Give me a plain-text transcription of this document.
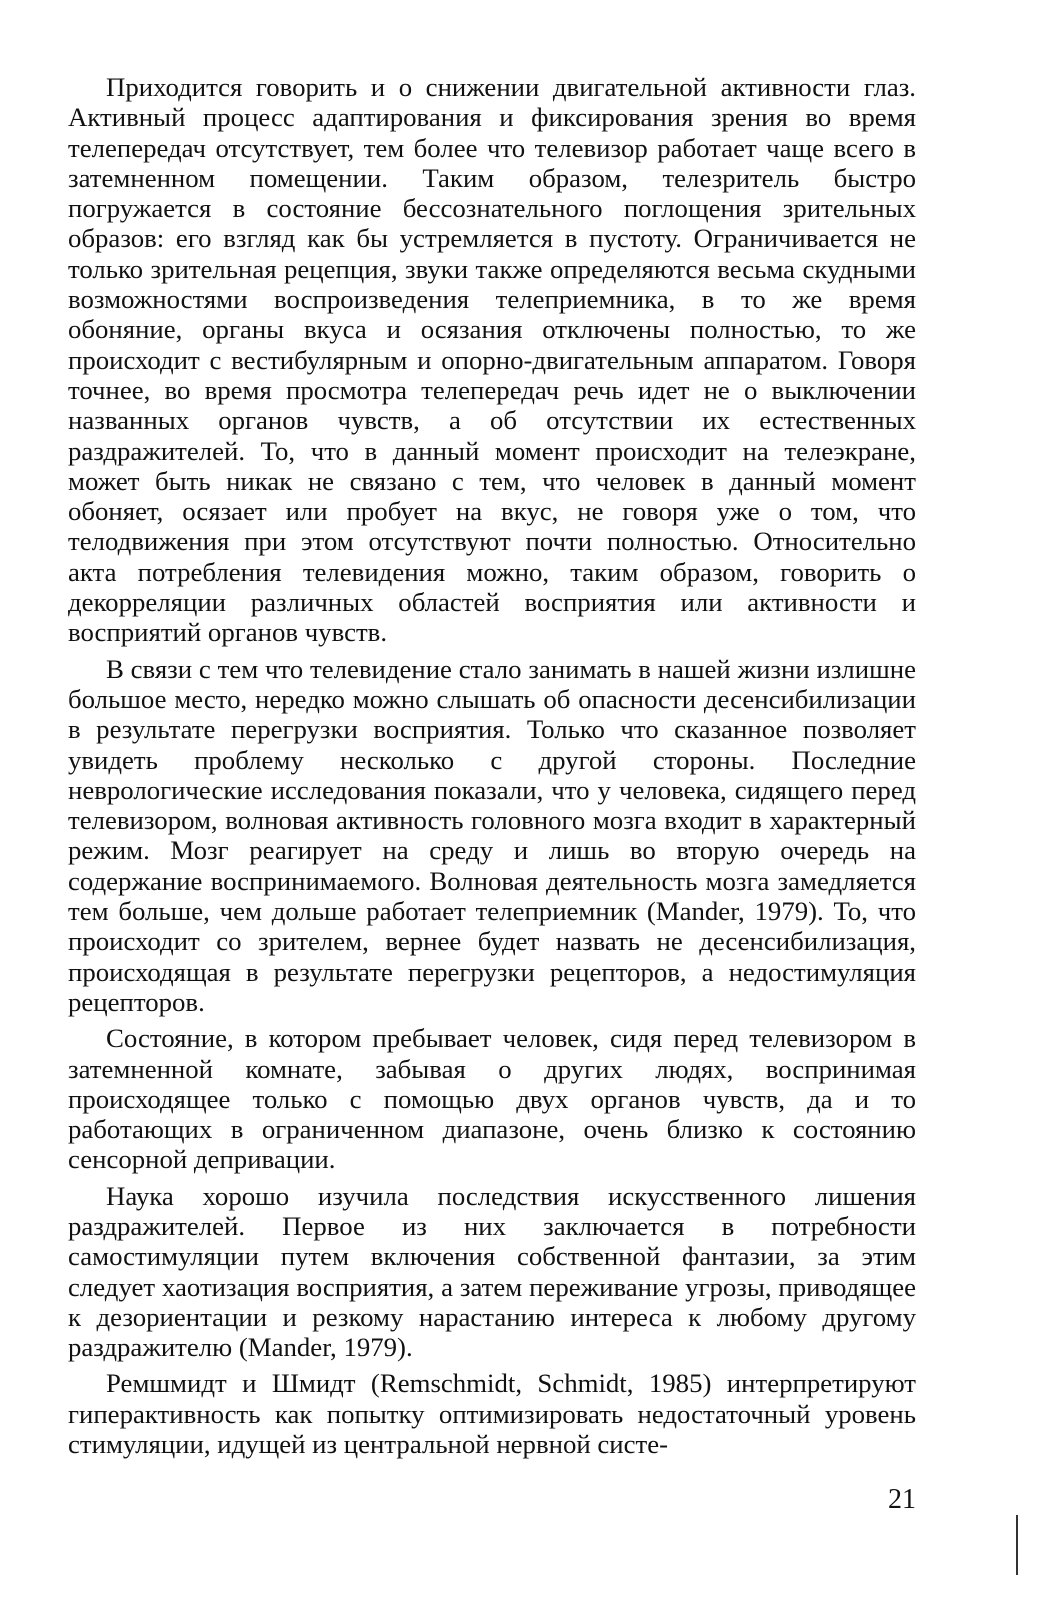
Приходится говорить и о снижении двигательной активности глаз. Активный процесс адаптирования и фиксирования зрения во время телепередач отсутствует, тем более что телевизор работает чаще всего в затемненном помещении. Таким образом, телезритель быстро погружается в состояние бессознательного поглощения зрительных образов: его взгляд как бы устремляется в пустоту. Ограничивается не только зрительная рецепция, звуки также определяются весьма скудными возможностями воспроизведения телеприемника, в то же время обоняние, органы вкуса и осязания отключены полностью, то же происходит с вестибулярным и опорно-двигательным аппаратом. Говоря точнее, во время просмотра телепередач речь идет не о выключении названных органов чувств, а об отсутствии их естественных раздражителей. То, что в данный момент происходит на телеэкране, может быть никак не связано с тем, что человек в данный момент обоняет, осязает или пробует на вкус, не говоря уже о том, что телодвижения при этом отсутствуют почти полностью. Относительно акта потребления телевидения можно, таким образом, говорить о декорреляции различных областей восприятия или активности и восприятий органов чувств.

В связи с тем что телевидение стало занимать в нашей жизни излишне большое место, нередко можно слышать об опасности десенсибилизации в результате перегрузки восприятия. Только что сказанное позволяет увидеть проблему несколько с другой стороны. Последние неврологические исследования показали, что у человека, сидящего перед телевизором, волновая активность головного мозга входит в характерный режим. Мозг реагирует на среду и лишь во вторую очередь на содержание воспринимаемого. Волновая деятельность мозга замедляется тем больше, чем дольше работает телеприемник (Mander, 1979). То, что происходит со зрителем, вернее будет назвать не десенсибилизация, происходящая в результате перегрузки рецепторов, а недостимуляция рецепторов.

Состояние, в котором пребывает человек, сидя перед телевизором в затемненной комнате, забывая о других людях, воспринимая происходящее только с помощью двух органов чувств, да и то работающих в ограниченном диапазоне, очень близко к состоянию сенсорной депривации.

Наука хорошо изучила последствия искусственного лишения раздражителей. Первое из них заключается в потребности самостимуляции путем включения собственной фантазии, за этим следует хаотизация восприятия, а затем переживание угрозы, приводящее к дезориентации и резкому нарастанию интереса к любому другому раздражителю (Mander, 1979).

Ремшмидт и Шмидт (Remschmidt, Schmidt, 1985) интерпретируют гиперактивность как попытку оптимизировать недостаточный уровень стимуляции, идущей из центральной нервной систе-

21
